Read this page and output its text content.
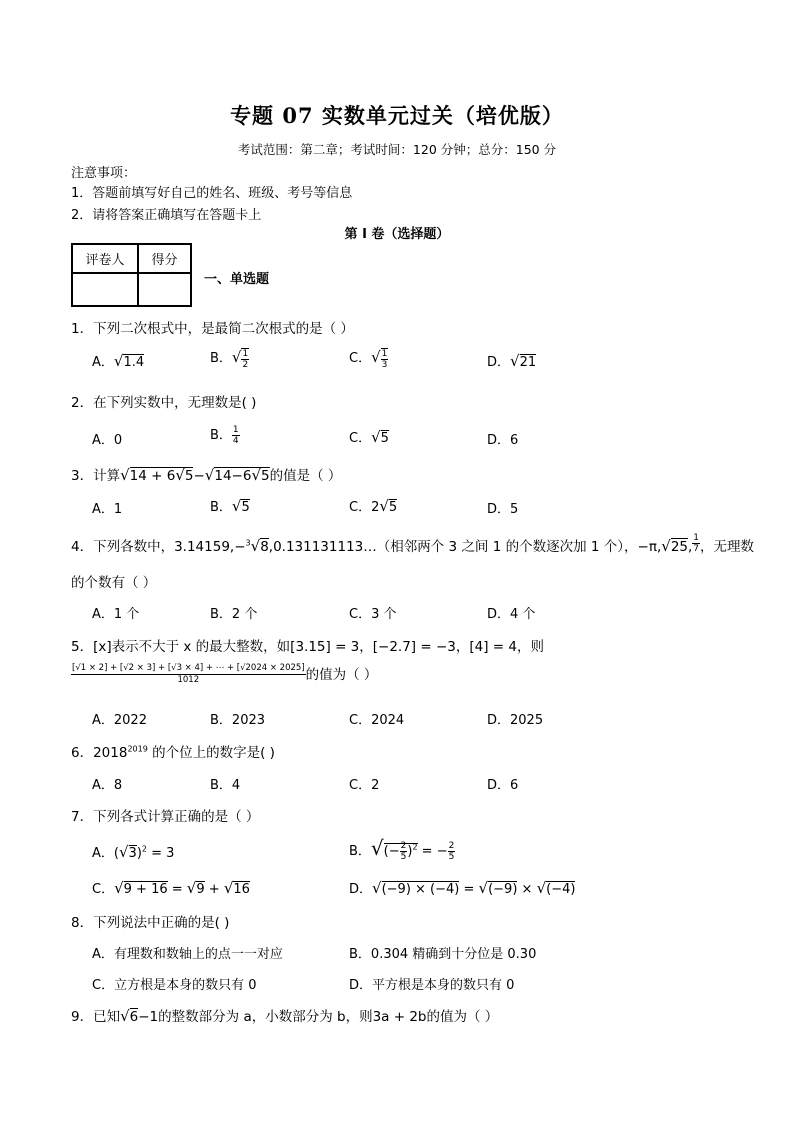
专题 07 实数单元过关（培优版）
考试范围：第二章；考试时间：120 分钟；总分：150 分
注意事项：
1．答题前填写好自己的姓名、班级、考号等信息
2．请将答案正确填写在答题卡上
第 I 卷（选择题）
评卷人	得分

一、单选题
1．下列二次根式中，是最简二次根式的是（ ）
A．√1.4	B．√ $\frac{1}{2}$	C．√ $\frac{1}{3}$	D．√21
2．在下列实数中，无理数是( )
A．0	B． $\frac{1}{4}$	C．√5	D．6
3．计算√14 + 6√5−√14−6√5的值是（ ）
A．1	B．√5	C．2√5	D．5
4．下列各数中，3.14159,−$^3$√8,0.131131113…（相邻两个 3 之间 1 的个数逐次加 1 个），−π,√25, $\frac{1}{7}$ ，无理数
的个数有（ ）
A．1 个	B．2 个	C．3 个	D．4 个
5．[x]表示不大于 x 的最大整数，如[3.15] = 3，[−2.7] = −3，[4] = 4，则
$\frac{[√1 \times 2] + [√2 \times 3] + [√3 \times 4] + \cdots + [√2024 \times 2025]}{1012}$ 的值为（ ）
A．2022	B．2023	C．2024	D．2025
6．$2018^{2019}$ 的个位上的数字是( )
A．8	B．4	C．2	D．6
7．下列各式计算正确的是（ ）
A．$(√3)^2 = 3$	B．√(− $\frac{2}{5} )^2$ = − $\frac{2}{5}$
C．√9 + 16 = √9 + √16	D．√(−9) × (−4) = √(−9) × √(−4)
8．下列说法中正确的是( )
A．有理数和数轴上的点一一对应	B．0.304 精确到十分位是 0.30
C．立方根是本身的数只有 0	D．平方根是本身的数只有 0
9．已知√6−1的整数部分为 a，小数部分为 b，则3a + 2b的值为（ ）
